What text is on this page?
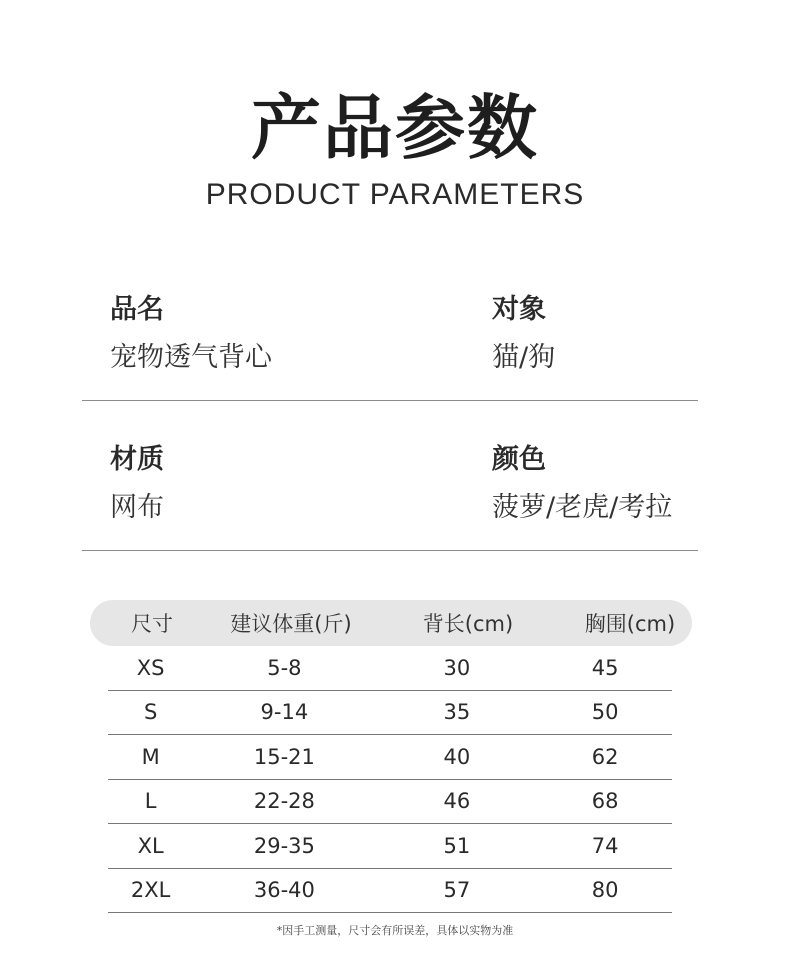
产品参数
PRODUCT PARAMETERS
品名
宠物透气背心
对象
猫/狗
材质
网布
颜色
菠萝/老虎/考拉
尺寸	建议体重(斤)	背长(cm)	胸围(cm)
XS	5-8	30	45
S	9-14	35	50
M	15-21	40	62
L	22-28	46	68
XL	29-35	51	74
2XL	36-40	57	80
*因手工测量，尺寸会有所误差，具体以实物为准
